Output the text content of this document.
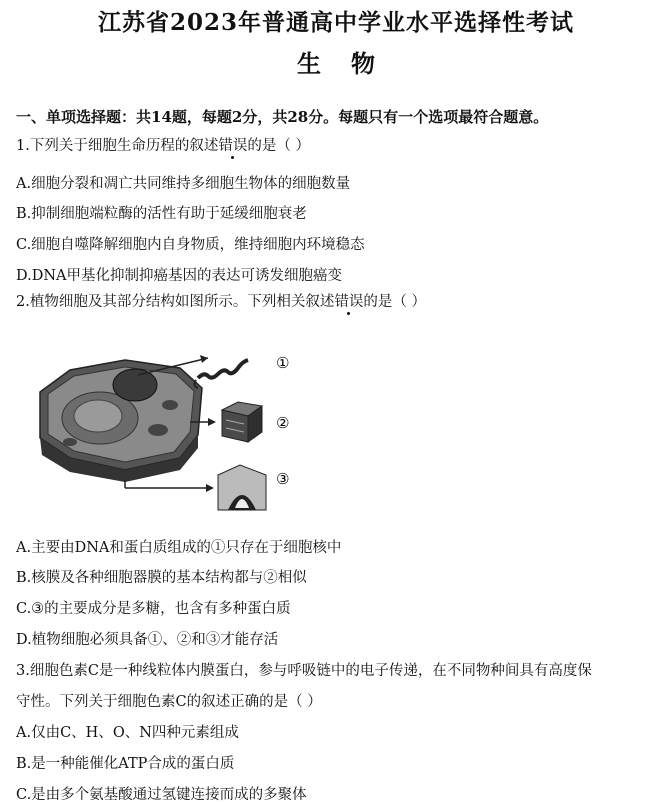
江苏省2023年普通高中学业水平选择性考试
生物
一、单项选择题：共14题，每题2分，共28分。每题只有一个选项最符合题意。
1.下列关于细胞生命历程的叙述错误的是（ ）
A.细胞分裂和凋亡共同维持多细胞生物体的细胞数量
B.抑制细胞端粒酶的活性有助于延缓细胞衰老
C.细胞自噬降解细胞内自身物质，维持细胞内环境稳态
D.DNA甲基化抑制抑癌基因的表达可诱发细胞癌变
2.植物细胞及其部分结构如图所示。下列相关叙述错误的是（ ）
①
②
③
A.主要由DNA和蛋白质组成的①只存在于细胞核中
B.核膜及各种细胞器膜的基本结构都与②相似
C.③的主要成分是多糖，也含有多种蛋白质
D.植物细胞必须具备①、②和③才能存活
3.细胞色素C是一种线粒体内膜蛋白，参与呼吸链中的电子传递，在不同物种间具有高度保
守性。下列关于细胞色素C的叙述正确的是（ ）
A.仅由C、H、O、N四种元素组成
B.是一种能催化ATP合成的蛋白质
C.是由多个氨基酸通过氢键连接而成的多聚体
